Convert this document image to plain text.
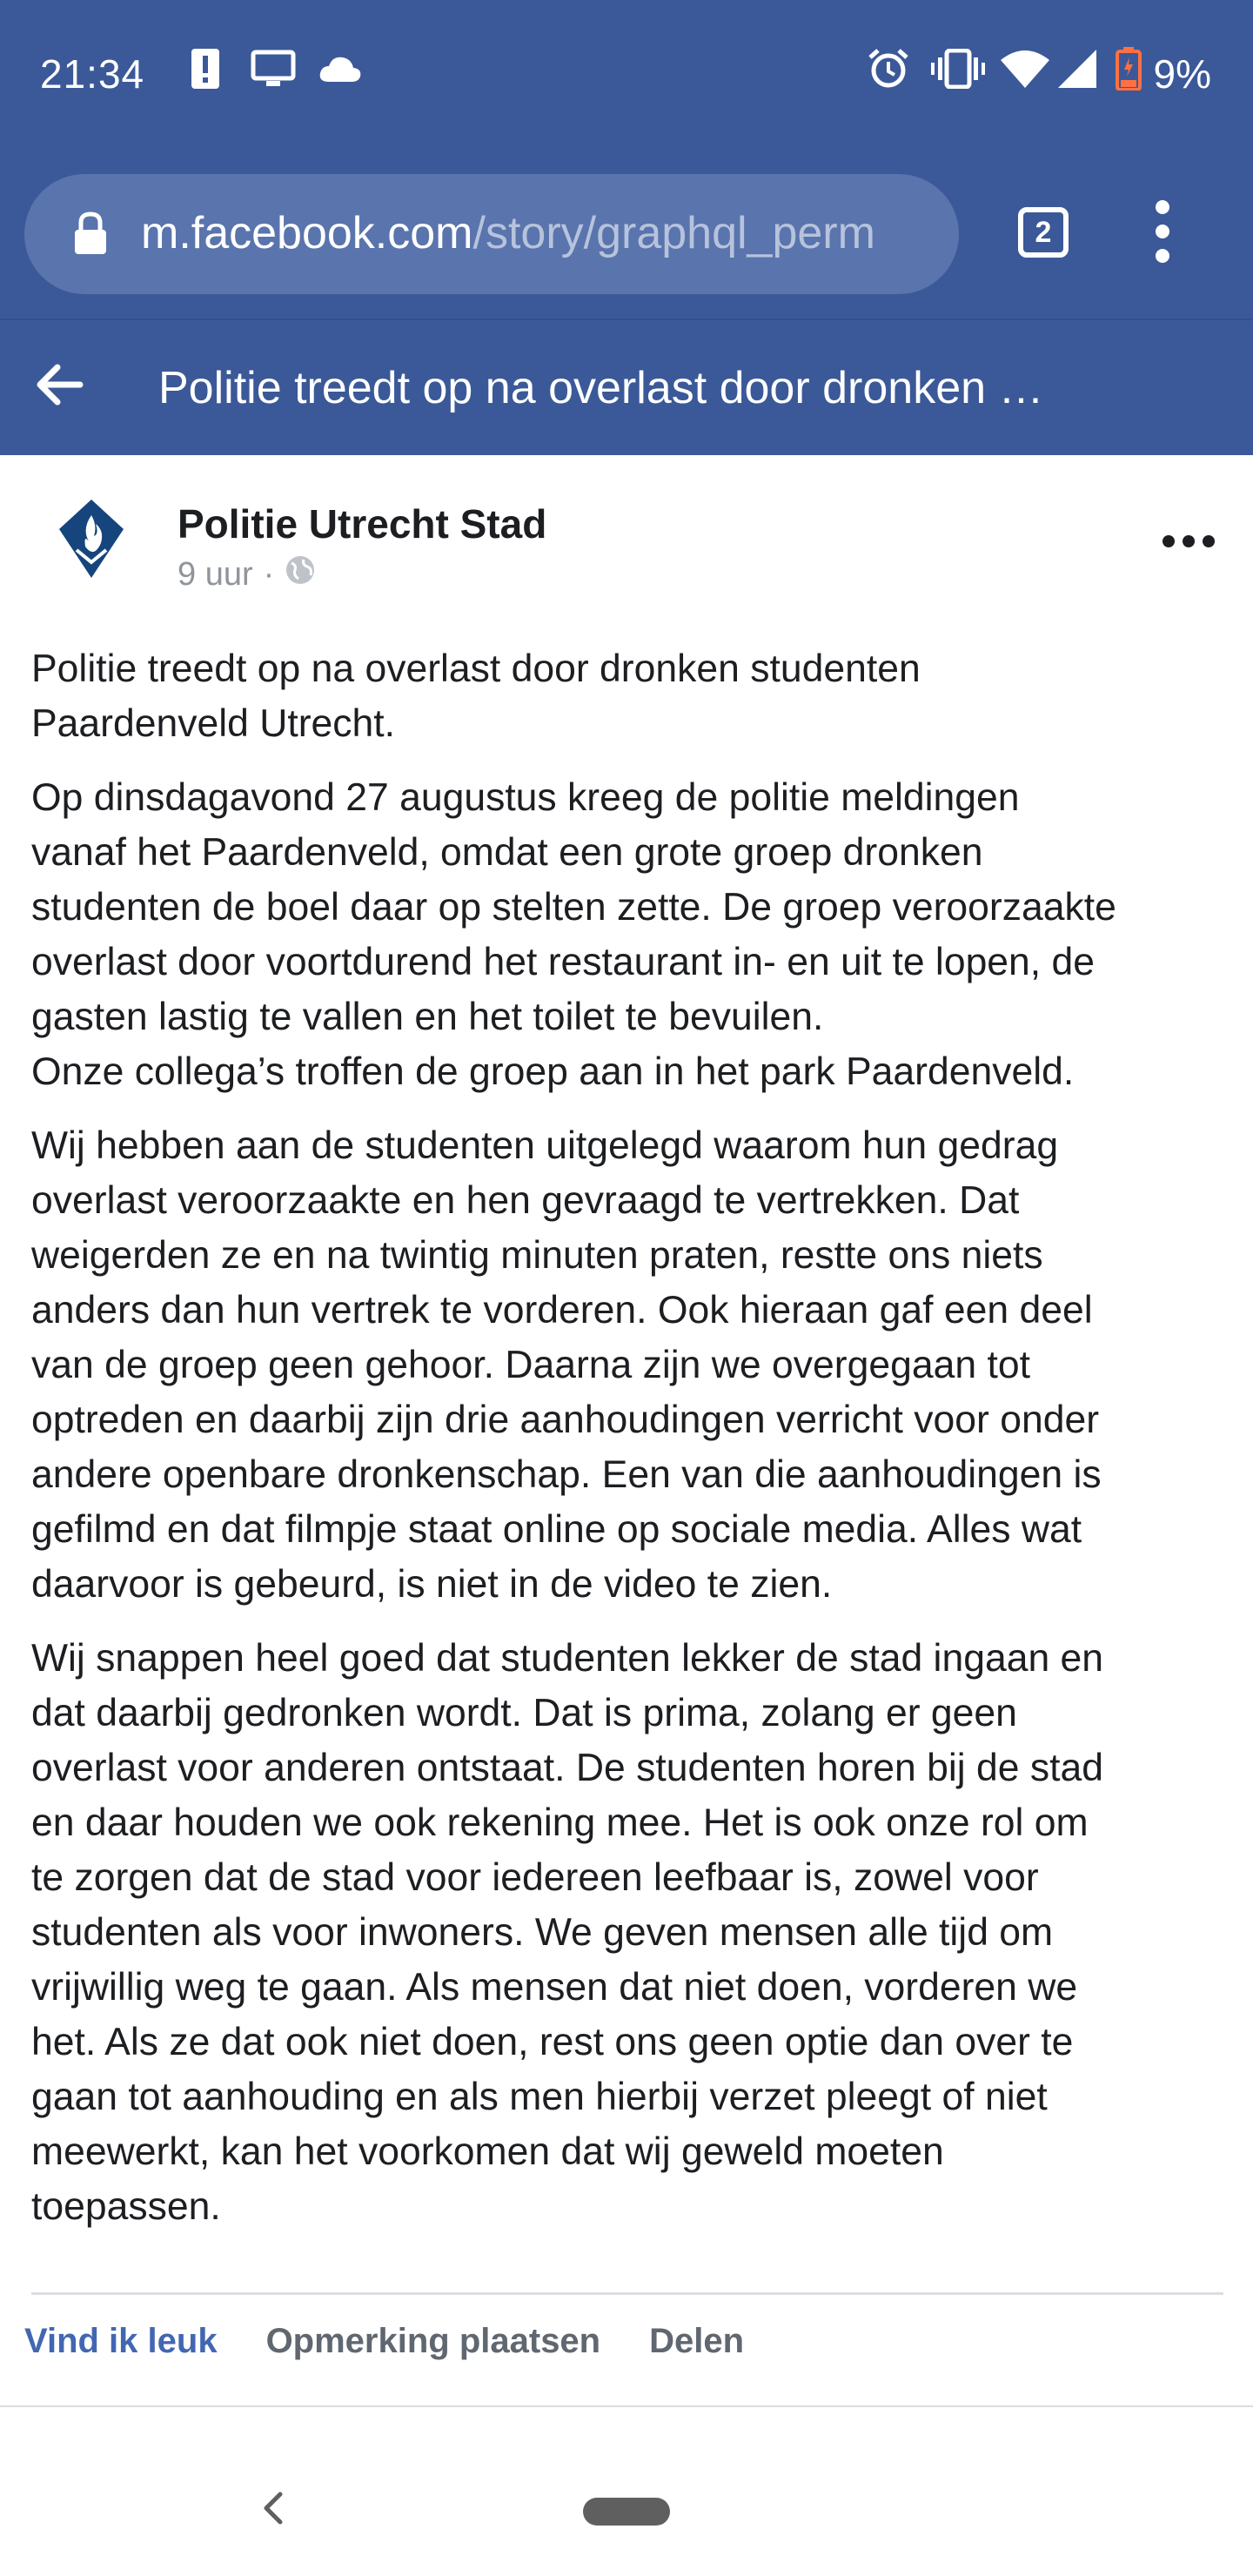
21:34	9%
m.facebook.com/story/graphql_perm	2
Politie treedt op na overlast door dronken …
Politie Utrecht Stad
9 uur ·

Politie treedt op na overlast door dronken studenten
Paardenveld Utrecht.

Op dinsdagavond 27 augustus kreeg de politie meldingen
vanaf het Paardenveld, omdat een grote groep dronken
studenten de boel daar op stelten zette. De groep veroorzaakte
overlast door voortdurend het restaurant in- en uit te lopen, de
gasten lastig te vallen en het toilet te bevuilen.
Onze collega’s troffen de groep aan in het park Paardenveld.

Wij hebben aan de studenten uitgelegd waarom hun gedrag
overlast veroorzaakte en hen gevraagd te vertrekken. Dat
weigerden ze en na twintig minuten praten, restte ons niets
anders dan hun vertrek te vorderen. Ook hieraan gaf een deel
van de groep geen gehoor. Daarna zijn we overgegaan tot
optreden en daarbij zijn drie aanhoudingen verricht voor onder
andere openbare dronkenschap. Een van die aanhoudingen is
gefilmd en dat filmpje staat online op sociale media. Alles wat
daarvoor is gebeurd, is niet in de video te zien.

Wij snappen heel goed dat studenten lekker de stad ingaan en
dat daarbij gedronken wordt. Dat is prima, zolang er geen
overlast voor anderen ontstaat. De studenten horen bij de stad
en daar houden we ook rekening mee. Het is ook onze rol om
te zorgen dat de stad voor iedereen leefbaar is, zowel voor
studenten als voor inwoners. We geven mensen alle tijd om
vrijwillig weg te gaan. Als mensen dat niet doen, vorderen we
het. Als ze dat ook niet doen, rest ons geen optie dan over te
gaan tot aanhouding en als men hierbij verzet pleegt of niet
meewerkt, kan het voorkomen dat wij geweld moeten
toepassen.

Vind ik leuk Opmerking plaatsen Delen
